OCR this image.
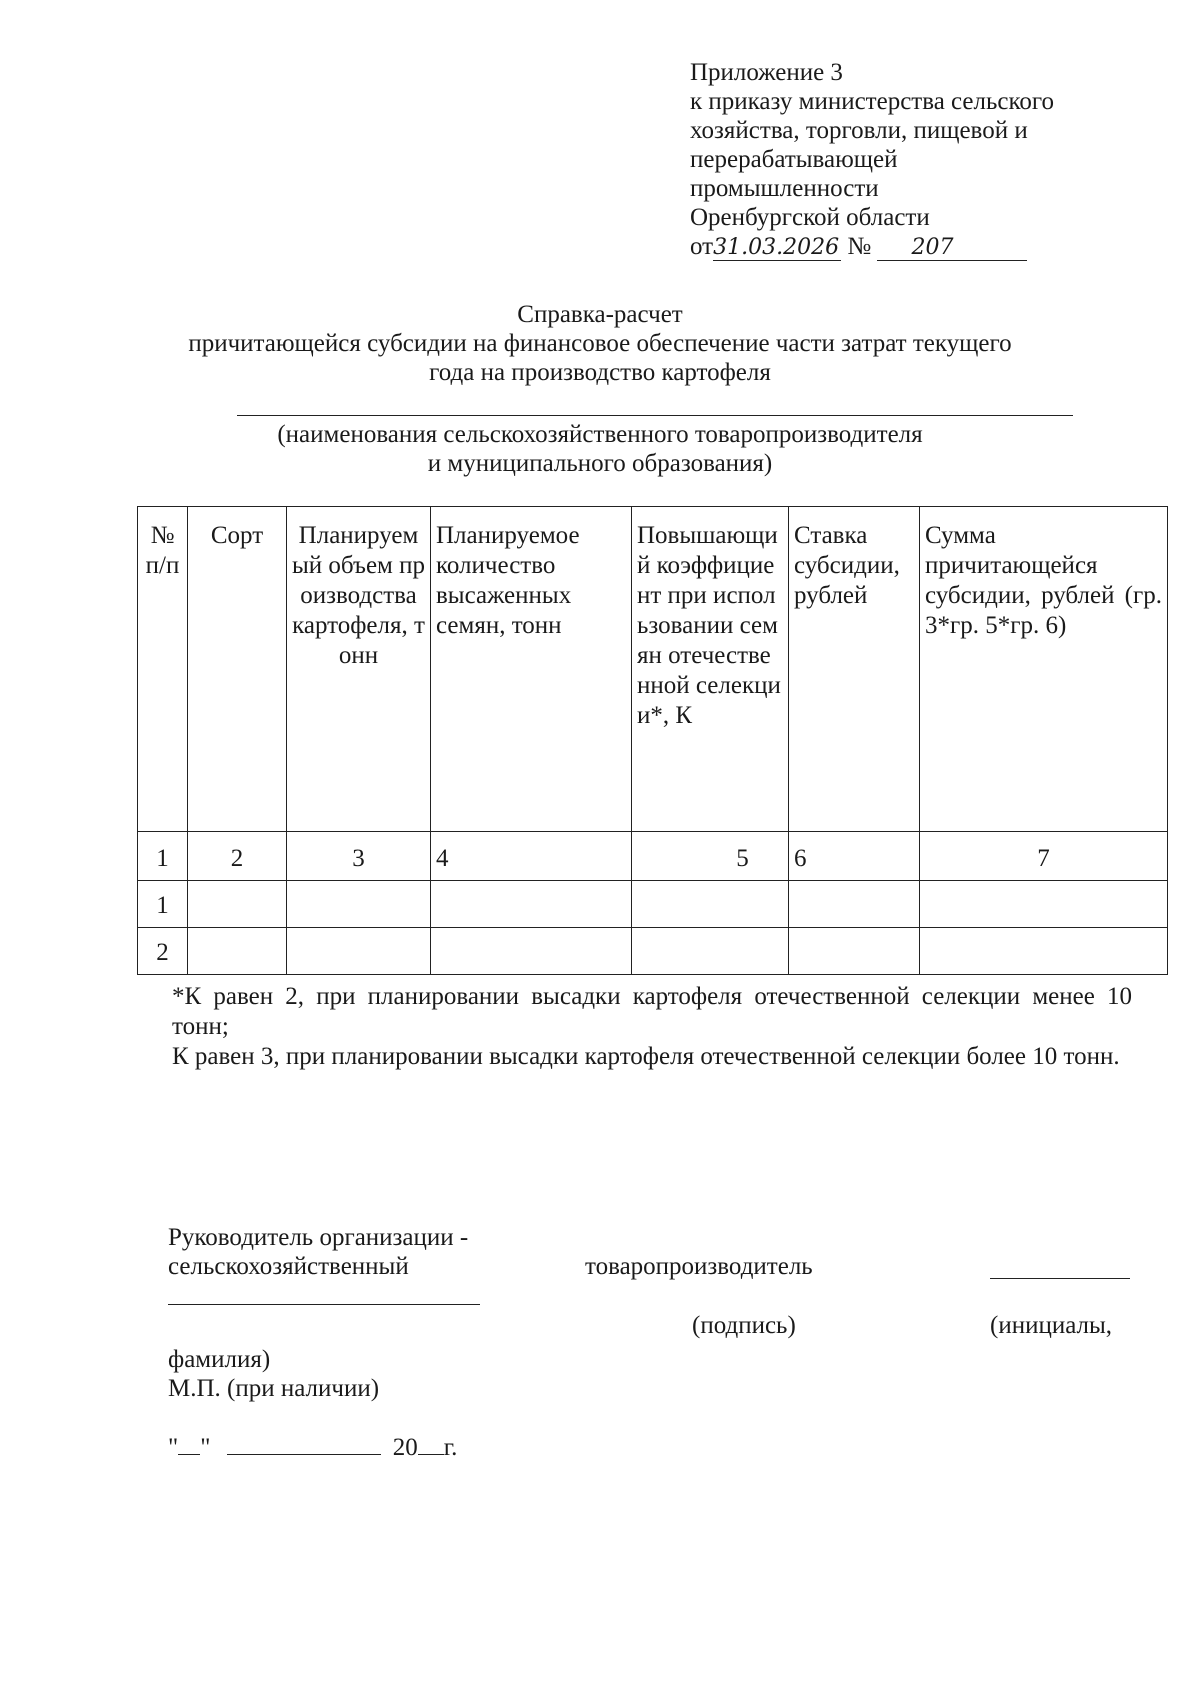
Приложение 3
к приказу министерства сельского
хозяйства, торговли, пищевой и
перерабатывающей
промышленности
Оренбургской области
от31.03.2026 № 207
Справка-расчет
причитающейся субсидии на финансовое обеспечение части затрат текущего
года на производство картофеля
(наименования сельскохозяйственного товаропроизводителя
и муниципального образования)
№ п/п	Сорт	Планируемый объем производства картофеля, тонн	Планируемое количество высаженных семян, тонн	Повышающий коэффициент при использовании семян отечественной селекции*, К	Ставка субсидии, рублей	Сумма причитающейся субсидии, рублей (гр. 3*гр. 5*гр. 6)
1	2	3	4	5	6	7
1						
2						

*К равен 2, при планировании высадки картофеля отечественной селекции менее 10 тонн;

К равен 3, при планировании высадки картофеля отечественной селекции более 10 тонн.

Руководитель организации -
сельскохозяйственный	товаропроизводитель
(подпись)	(инициалы,
фамилия)
М.П. (при наличии)
" "	20 г.
